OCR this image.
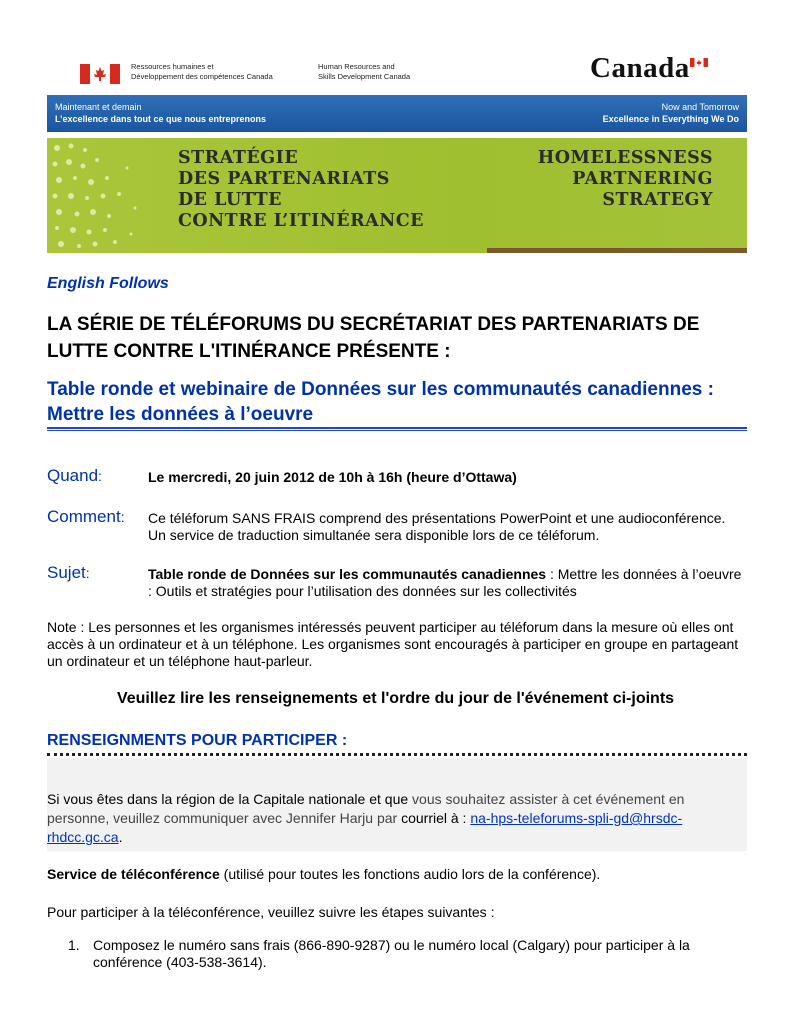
Ressources humaines et
Développement des compétences Canada
Human Resources and
Skills Development Canada	Canada
Maintenant et demain
L’excellence dans tout ce que nous entreprenons
Now and Tomorrow
Excellence in Everything We Do
STRATÉGIE
DES PARTENARIATS
DE LUTTE
CONTRE L’ITINÉRANCE
HOMELESSNESS
PARTNERING
STRATEGY
English Follows
LA SÉRIE DE TÉLÉFORUMS DU SECRÉTARIAT DES PARTENARIATS DE LUTTE CONTRE L'ITINÉRANCE PRÉSENTE :
Table ronde et webinaire de Données sur les communautés canadiennes : Mettre les données à l’oeuvre
Quand:	Le mercredi, 20 juin 2012 de 10h à 16h (heure d’Ottawa)
Comment: Ce téléforum SANS FRAIS comprend des présentations PowerPoint et une audioconférence. Un service de traduction simultanée sera disponible lors de ce téléforum.
Sujet:	Table ronde de Données sur les communautés canadiennes : Mettre les données à l’oeuvre : Outils et stratégies pour l’utilisation des données sur les collectivités
Note : Les personnes et les organismes intéressés peuvent participer au téléforum dans la mesure où elles ont accès à un ordinateur et à un téléphone. Les organismes sont encouragés à participer en groupe en partageant un ordinateur et un téléphone haut-parleur.
Veuillez lire les renseignements et l'ordre du jour de l'événement ci-joints
RENSEIGNMENTS POUR PARTICIPER :
Si vous êtes dans la région de la Capitale nationale et que vous souhaitez assister à cet événement en personne, veuillez communiquer avec Jennifer Harju par courriel à : na-hps-teleforums-spli-gd@hrsdc-rhdcc.gc.ca.
Service de téléconférence (utilisé pour toutes les fonctions audio lors de la conférence).
Pour participer à la téléconférence, veuillez suivre les étapes suivantes :
1. Composez le numéro sans frais (866-890-9287) ou le numéro local (Calgary) pour participer à la conférence (403-538-3614).
